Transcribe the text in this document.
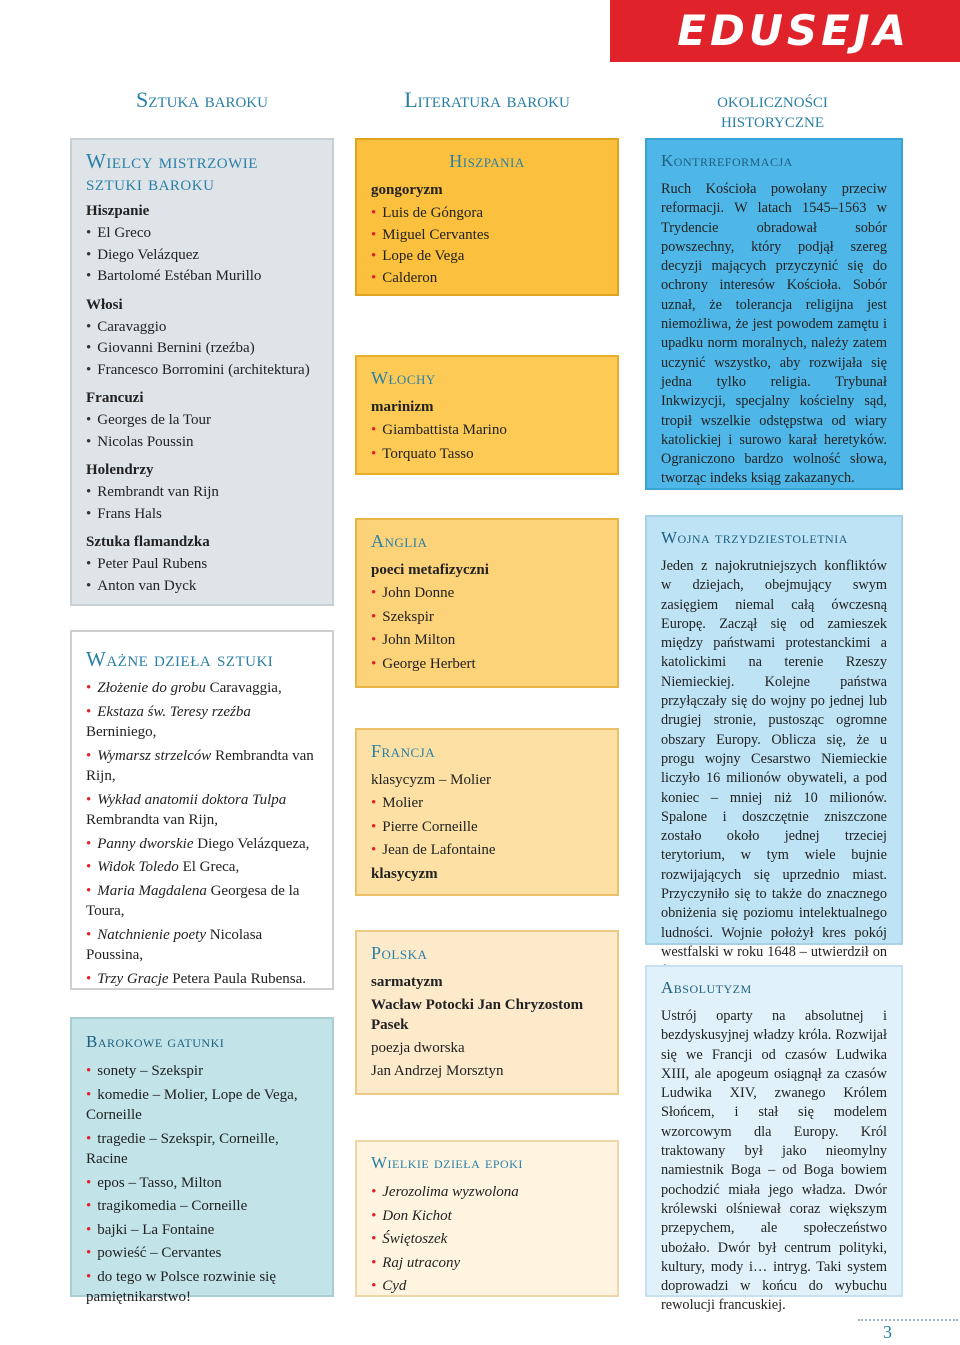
EDUSEJA
Sztuka baroku	Literatura baroku	okoliczności
historyczne
Wielcy mistrzowie
sztuki baroku
Hiszpanie
• El Greco
• Diego Velázquez
• Bartolomé Estéban Murillo
Włosi
• Caravaggio
• Giovanni Bernini (rzeźba)
• Francesco Borromini (architektura)
Francuzi
• Georges de la Tour
• Nicolas Poussin
Holendrzy
• Rembrandt van Rijn
• Frans Hals
Sztuka flamandzka
• Peter Paul Rubens
• Anton van Dyck
Ważne dzieła sztuki
• Złożenie do grobu Caravaggia,
• Ekstaza św. Teresy rzeźba Berniniego,
• Wymarsz strzelców Rembrandta van Rijn,
• Wykład anatomii doktora Tulpa Rembrandta van Rijn,
• Panny dworskie Diego Velázqueza,
• Widok Toledo El Greca,
• Maria Magdalena Georgesa de la Toura,
• Natchnienie poety Nicolasa Poussina,
• Trzy Gracje Petera Paula Rubensa.
Barokowe gatunki
• sonety – Szekspir
• komedie – Molier, Lope de Vega, Corneille
• tragedie – Szekspir, Corneille, Racine
• epos – Tasso, Milton
• tragikomedia – Corneille
• bajki – La Fontaine
• powieść – Cervantes
• do tego w Polsce rozwinie się pamiętnikarstwo!
Hiszpania
gongoryzm
• Luis de Góngora
• Miguel Cervantes
• Lope de Vega
• Calderon
Włochy
marinizm
• Giambattista Marino
• Torquato Tasso
Anglia
poeci metafizyczni
• John Donne
• Szekspir
• John Milton
• George Herbert
Francja
klasycyzm – Molier
• Molier
• Pierre Corneille
• Jean de Lafontaine
klasycyzm
Polska
sarmatyzm
Wacław Potocki Jan Chryzostom Pasek
poezja dworska
Jan Andrzej Morsztyn
Wielkie dzieła epoki
• Jerozolima wyzwolona
• Don Kichot
• Świętoszek
• Raj utracony
• Cyd
Kontrreformacja
Ruch Kościoła powołany przeciw reformacji. W latach 1545–1563 w Trydencie obradował sobór powszechny, który podjął szereg decyzji mających przyczynić się do ochrony interesów Kościoła. Sobór uznał, że tolerancja religijna jest niemożliwa, że jest powodem zamętu i upadku norm moralnych, należy zatem uczynić wszystko, aby rozwijała się jedna tylko religia. Trybunał Inkwizycji, specjalny kościelny sąd, tropił wszelkie odstępstwa od wiary katolickiej i surowo karał heretyków. Ograniczono bardzo wolność słowa, tworząc indeks ksiąg zakazanych.
Wojna trzydziestoletnia
Jeden z najokrutniejszych konfliktów w dziejach, obejmujący swym zasięgiem niemal całą ówczesną Europę. Zaczął się od zamieszek między państwami protestanckimi a katolickimi na terenie Rzeszy Niemieckiej. Kolejne państwa przyłączały się do wojny po jednej lub drugiej stronie, pustosząc ogromne obszary Europy. Oblicza się, że u progu wojny Cesarstwo Niemieckie liczyło 16 milionów obywateli, a pod koniec – mniej niż 10 milionów. Spalone i doszczętnie zniszczone zostało około jednej trzeciej terytorium, w tym wiele bujnie rozwijających się uprzednio miast. Przyczyniło się to także do znacznego obniżenia się poziomu intelektualnego ludności. Wojnie położył kres pokój westfalski w roku 1648 – utwierdził on
Absolutyzm
Ustrój oparty na absolutnej i bezdyskusyjnej władzy króla. Rozwijał się we Francji od czasów Ludwika XIII, ale apogeum osiągnął za czasów Ludwika XIV, zwanego Królem Słońcem, i stał się modelem wzorcowym dla Europy. Król traktowany był jako nieomylny namiestnik Boga – od Boga bowiem pochodzić miała jego władza. Dwór królewski olśniewał coraz większym przepychem, ale społeczeństwo ubożało. Dwór był centrum polityki, kultury, mody i… intryg. Taki system doprowadzi w końcu do wybuchu rewolucji francuskiej.
3
